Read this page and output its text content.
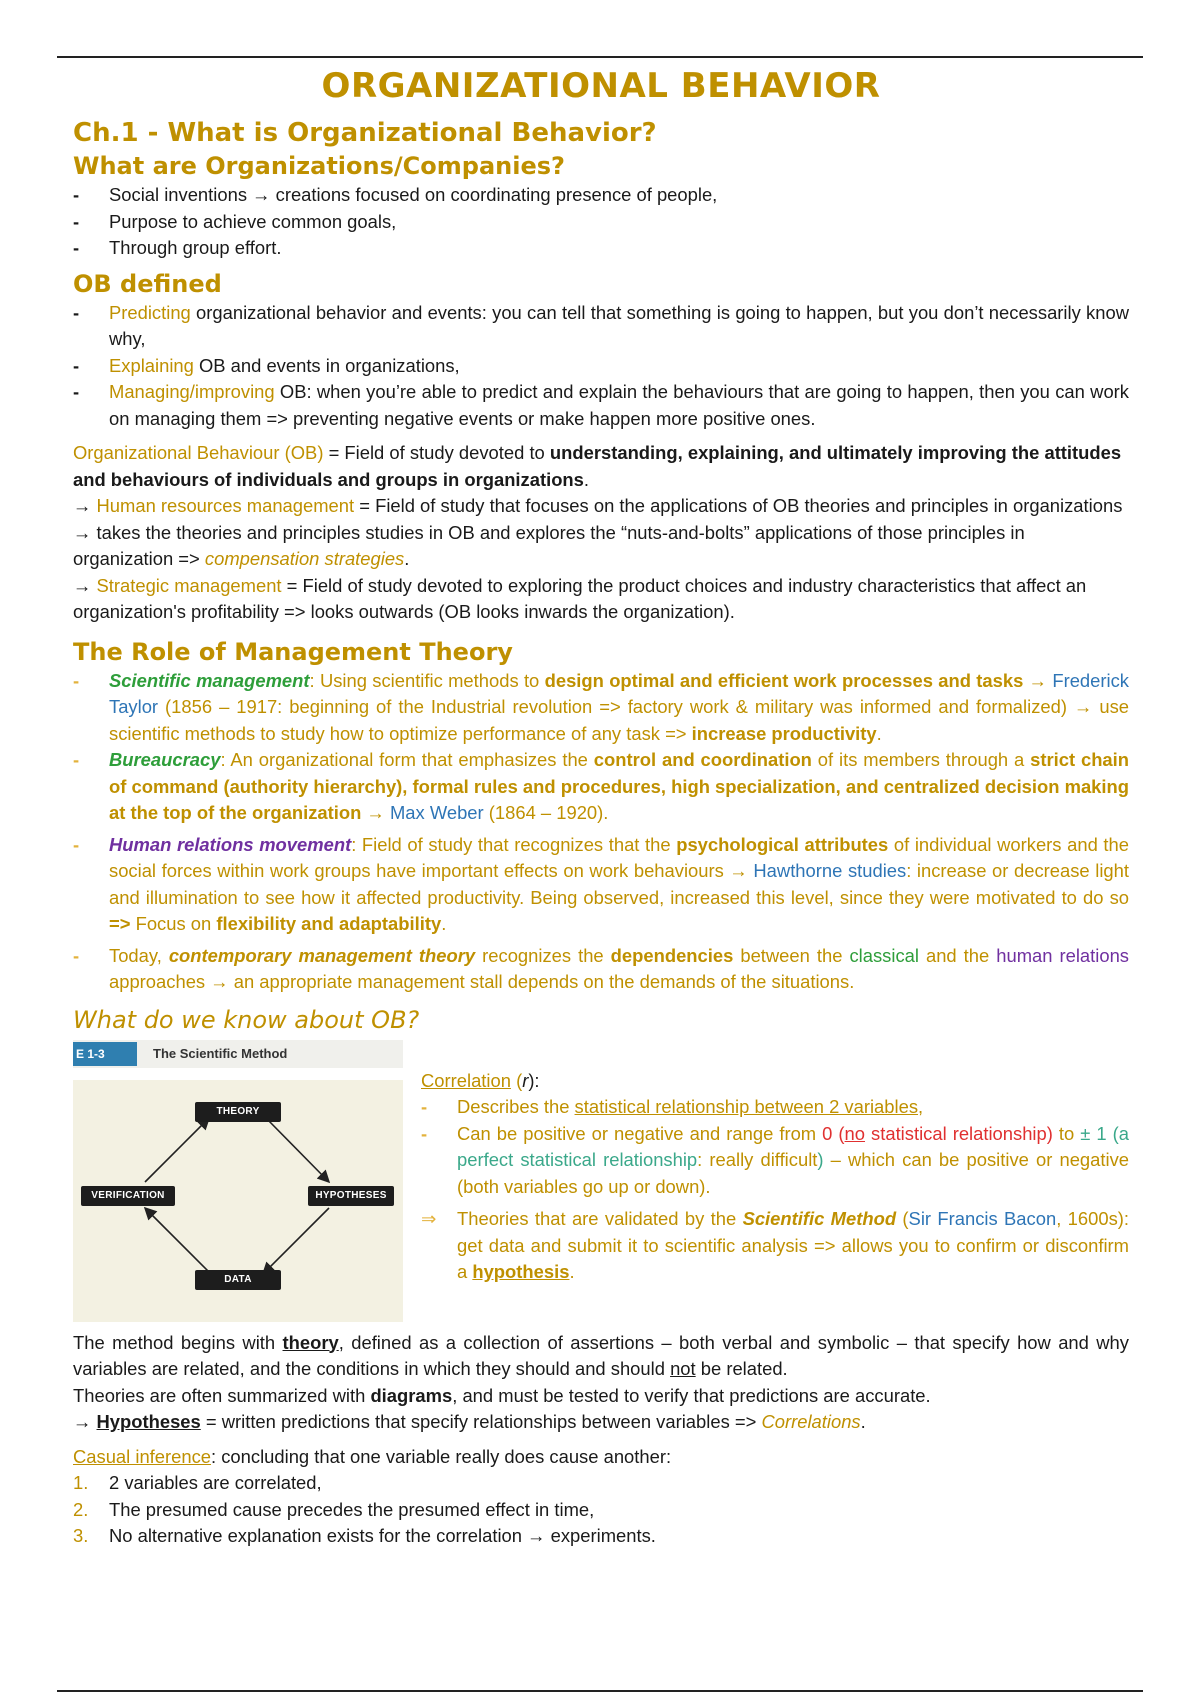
ORGANIZATIONAL BEHAVIOR
Ch.1 - What is Organizational Behavior?
What are Organizations/Companies?
- Social inventions → creations focused on coordinating presence of people,
- Purpose to achieve common goals,
- Through group effort.
OB defined
- Predicting organizational behavior and events: you can tell that something is going to happen, but you don’t necessarily know why,
- Explaining OB and events in organizations,
- Managing/improving OB: when you’re able to predict and explain the behaviours that are going to happen, then you can work on managing them => preventing negative events or make happen more positive ones.

Organizational Behaviour (OB) = Field of study devoted to understanding, explaining, and ultimately improving the attitudes and behaviours of individuals and groups in organizations.

→ Human resources management = Field of study that focuses on the applications of OB theories and principles in organizations → takes the theories and principles studies in OB and explores the “nuts-and-bolts” applications of those principles in organization => compensation strategies.

→ Strategic management = Field of study devoted to exploring the product choices and industry characteristics that affect an organization's profitability => looks outwards (OB looks inwards the organization).

The Role of Management Theory
- Scientific management: Using scientific methods to design optimal and efficient work processes and tasks → Frederick Taylor (1856 – 1917: beginning of the Industrial revolution => factory work & military was informed and formalized) → use scientific methods to study how to optimize performance of any task => increase productivity.
- Bureaucracy: An organizational form that emphasizes the control and coordination of its members through a strict chain of command (authority hierarchy), formal rules and procedures, high specialization, and centralized decision making at the top of the organization → Max Weber (1864 – 1920).
- Human relations movement: Field of study that recognizes that the psychological attributes of individual workers and the social forces within work groups have important effects on work behaviours → Hawthorne studies: increase or decrease light and illumination to see how it affected productivity. Being observed, increased this level, since they were motivated to do so => Focus on flexibility and adaptability.
- Today, contemporary management theory recognizes the dependencies between the classical and the human relations approaches → an appropriate management stall depends on the demands of the situations.
What do we know about OB?
E 1-3	The Scientific Method
THEORY
HYPOTHESES
DATA
VERIFICATION

Correlation (r):

- Describes the statistical relationship between 2 variables,
- Can be positive or negative and range from 0 (no statistical relationship) to ± 1 (a perfect statistical relationship: really difficult) – which can be positive or negative (both variables go up or down).
⇒ Theories that are validated by the Scientific Method (Sir Francis Bacon, 1600s): get data and submit it to scientific analysis => allows you to confirm or disconfirm a hypothesis.

The method begins with theory, defined as a collection of assertions – both verbal and symbolic – that specify how and why variables are related, and the conditions in which they should and should not be related.

Theories are often summarized with diagrams, and must be tested to verify that predictions are accurate.

→ Hypotheses = written predictions that specify relationships between variables => Correlations.

Casual inference: concluding that one variable really does cause another:

1. 2 variables are correlated,
2. The presumed cause precedes the presumed effect in time,
3. No alternative explanation exists for the correlation → experiments.
